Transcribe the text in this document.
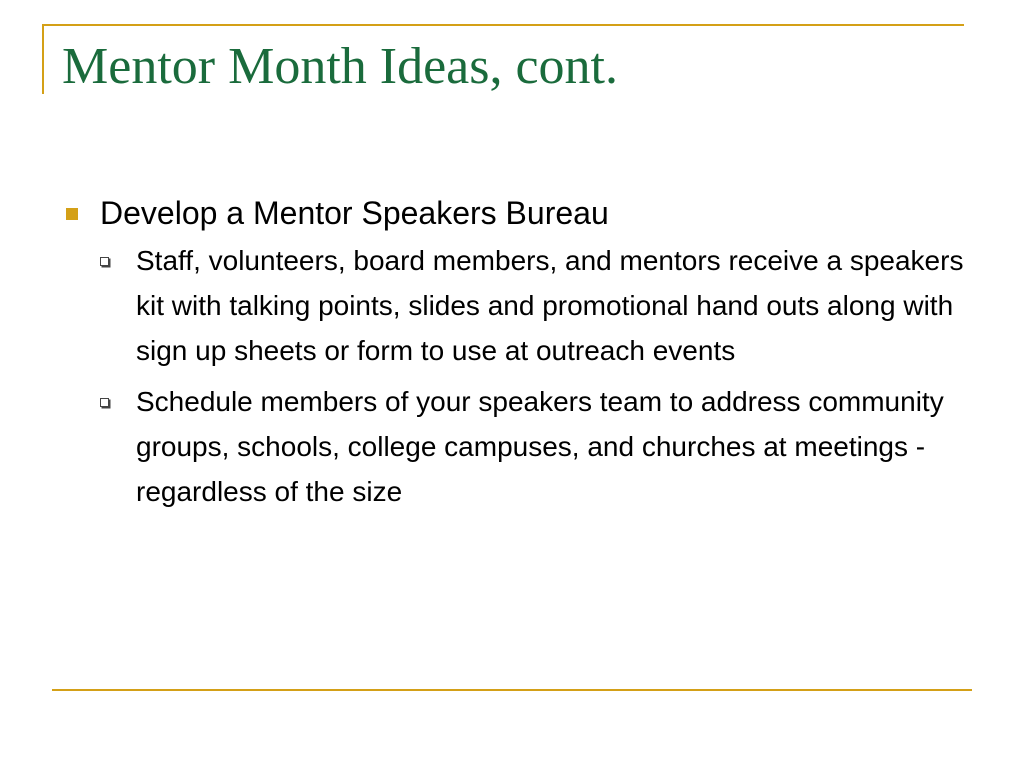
Mentor Month Ideas, cont.
Develop a Mentor Speakers Bureau
Staff, volunteers, board members, and mentors receive a speakers kit with talking points, slides and promotional hand outs along with sign up sheets or form to use at outreach events
Schedule members of your speakers team to address community groups, schools, college campuses, and churches at meetings - regardless of the size
